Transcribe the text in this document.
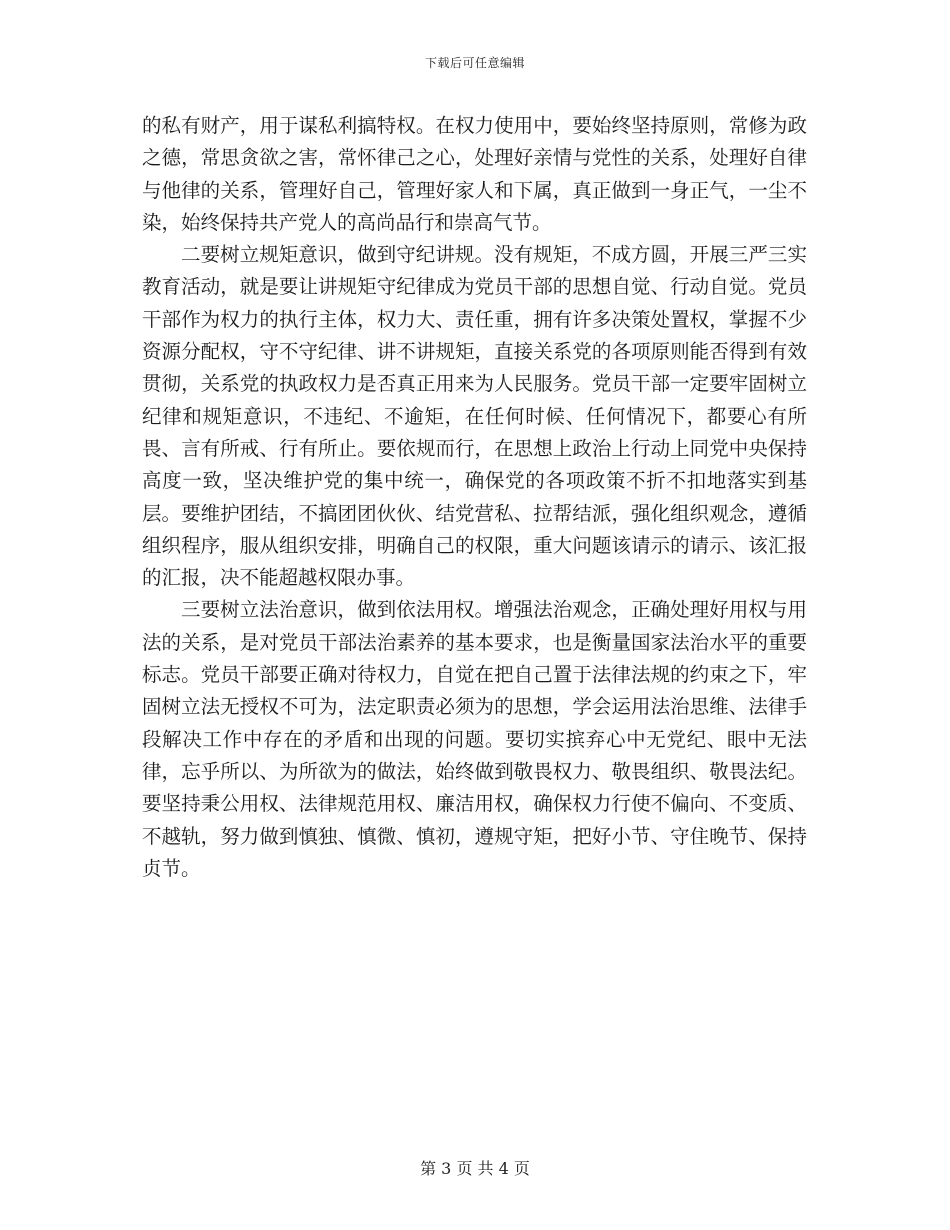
下载后可任意编辑

的私有财产，用于谋私利搞特权。在权力使用中，要始终坚持原则，常修为政之德，常思贪欲之害，常怀律己之心，处理好亲情与党性的关系，处理好自律与他律的关系，管理好自己，管理好家人和下属，真正做到一身正气，一尘不染，始终保持共产党人的高尚品行和崇高气节。

二要树立规矩意识，做到守纪讲规。没有规矩，不成方圆，开展三严三实教育活动，就是要让讲规矩守纪律成为党员干部的思想自觉、行动自觉。党员干部作为权力的执行主体，权力大、责任重，拥有许多决策处置权，掌握不少资源分配权，守不守纪律、讲不讲规矩，直接关系党的各项原则能否得到有效贯彻，关系党的执政权力是否真正用来为人民服务。党员干部一定要牢固树立纪律和规矩意识，不违纪、不逾矩，在任何时候、任何情况下，都要心有所畏、言有所戒、行有所止。要依规而行，在思想上政治上行动上同党中央保持高度一致，坚决维护党的集中统一，确保党的各项政策不折不扣地落实到基层。要维护团结，不搞团团伙伙、结党营私、拉帮结派，强化组织观念，遵循组织程序，服从组织安排，明确自己的权限，重大问题该请示的请示、该汇报的汇报，决不能超越权限办事。

三要树立法治意识，做到依法用权。增强法治观念，正确处理好用权与用法的关系，是对党员干部法治素养的基本要求，也是衡量国家法治水平的重要标志。党员干部要正确对待权力，自觉在把自己置于法律法规的约束之下，牢固树立法无授权不可为，法定职责必须为的思想，学会运用法治思维、法律手段解决工作中存在的矛盾和出现的问题。要切实摈弃心中无党纪、眼中无法律，忘乎所以、为所欲为的做法，始终做到敬畏权力、敬畏组织、敬畏法纪。要坚持秉公用权、法律规范用权、廉洁用权，确保权力行使不偏向、不变质、不越轨，努力做到慎独、慎微、慎初，遵规守矩，把好小节、守住晚节、保持贞节。

第 3 页 共 4 页
